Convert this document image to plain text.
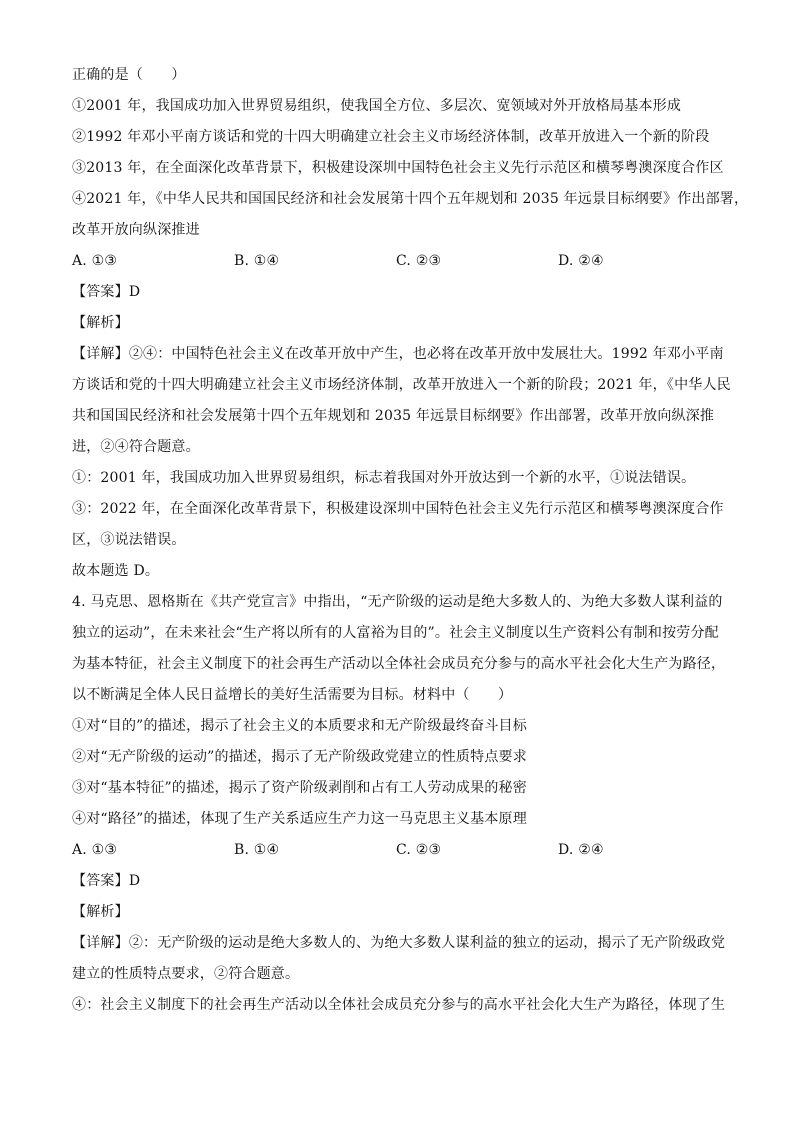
正确的是（　　）
①2001 年，我国成功加入世界贸易组织，使我国全方位、多层次、宽领域对外开放格局基本形成
②1992 年邓小平南方谈话和党的十四大明确建立社会主义市场经济体制，改革开放进入一个新的阶段
③2013 年，在全面深化改革背景下，积极建设深圳中国特色社会主义先行示范区和横琴粤澳深度合作区
④2021 年，《中华人民共和国国民经济和社会发展第十四个五年规划和 2035 年远景目标纲要》作出部署，
改革开放向纵深推进
A. ①③	B. ①④	C. ②③	D. ②④
【答案】D
【解析】
【详解】②④：中国特色社会主义在改革开放中产生，也必将在改革开放中发展壮大。1992 年邓小平南
方谈话和党的十四大明确建立社会主义市场经济体制，改革开放进入一个新的阶段；2021 年，《中华人民
共和国国民经济和社会发展第十四个五年规划和 2035 年远景目标纲要》作出部署，改革开放向纵深推
进，②④符合题意。
①：2001 年，我国成功加入世界贸易组织，标志着我国对外开放达到一个新的水平，①说法错误。
③：2022 年，在全面深化改革背景下，积极建设深圳中国特色社会主义先行示范区和横琴粤澳深度合作
区，③说法错误。
故本题选 D。
4. 马克思、恩格斯在《共产党宣言》中指出，“无产阶级的运动是绝大多数人的、为绝大多数人谋利益的
独立的运动”，在未来社会“生产将以所有的人富裕为目的”。社会主义制度以生产资料公有制和按劳分配
为基本特征，社会主义制度下的社会再生产活动以全体社会成员充分参与的高水平社会化大生产为路径，
以不断满足全体人民日益增长的美好生活需要为目标。材料中（　　）
①对“目的”的描述，揭示了社会主义的本质要求和无产阶级最终奋斗目标
②对“无产阶级的运动”的描述，揭示了无产阶级政党建立的性质特点要求
③对“基本特征”的描述，揭示了资产阶级剥削和占有工人劳动成果的秘密
④对“路径”的描述，体现了生产关系适应生产力这一马克思主义基本原理
A. ①③	B. ①④	C. ②③	D. ②④
【答案】D
【解析】
【详解】②：无产阶级的运动是绝大多数人的、为绝大多数人谋利益的独立的运动，揭示了无产阶级政党
建立的性质特点要求，②符合题意。
④：社会主义制度下的社会再生产活动以全体社会成员充分参与的高水平社会化大生产为路径，体现了生
